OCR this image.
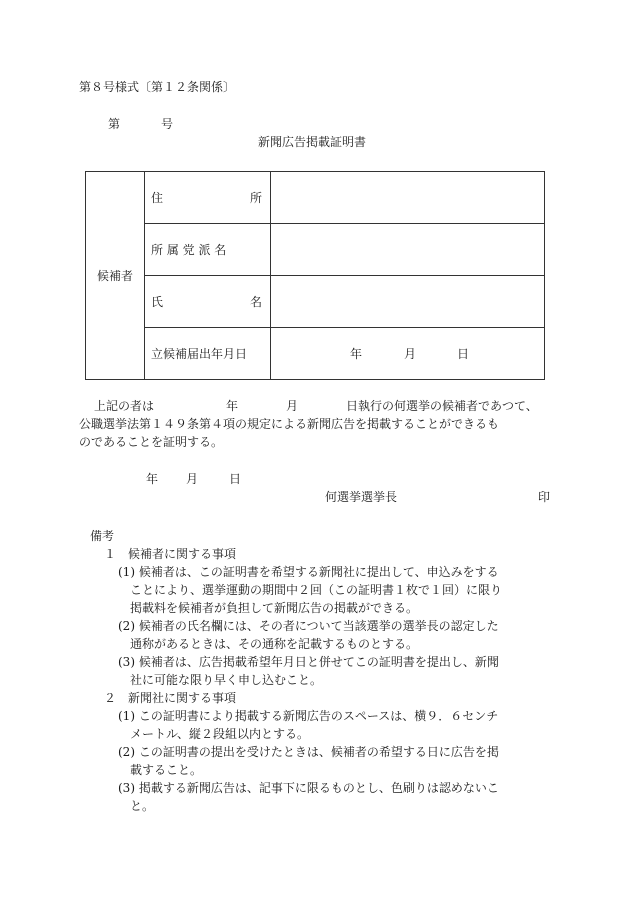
第８号様式〔第１２条関係〕
第	号
新聞広告掲載証明書
候補者	住 所	

	所 属 党 派 名	

	氏 名	

	立候補届出年月日	年 月 日
上記の者は　　　　　　年　　　　月　　　　日執行の何選挙の候補者であつて、
公職選挙法第１４９条第４項の規定による新聞広告を掲載することができるも
のであることを証明する。
年 月	日
何選挙選挙長	印
備考
１　候補者に関する事項
(1) 候補者は、この証明書を希望する新聞社に提出して、申込みをする
ことにより、選挙運動の期間中２回（この証明書１枚で１回）に限り
掲載料を候補者が負担して新聞広告の掲載ができる。
(2) 候補者の氏名欄には、その者について当該選挙の選挙長の認定した
通称があるときは、その通称を記載するものとする。
(3) 候補者は、広告掲載希望年月日と併せてこの証明書を提出し、新聞
社に可能な限り早く申し込むこと。
２　新聞社に関する事項
(1) この証明書により掲載する新聞広告のスペースは、横９．６センチ
メートル、縦２段組以内とする。
(2) この証明書の提出を受けたときは、候補者の希望する日に広告を掲
載すること。
(3) 掲載する新聞広告は、記事下に限るものとし、色刷りは認めないこ
と。
